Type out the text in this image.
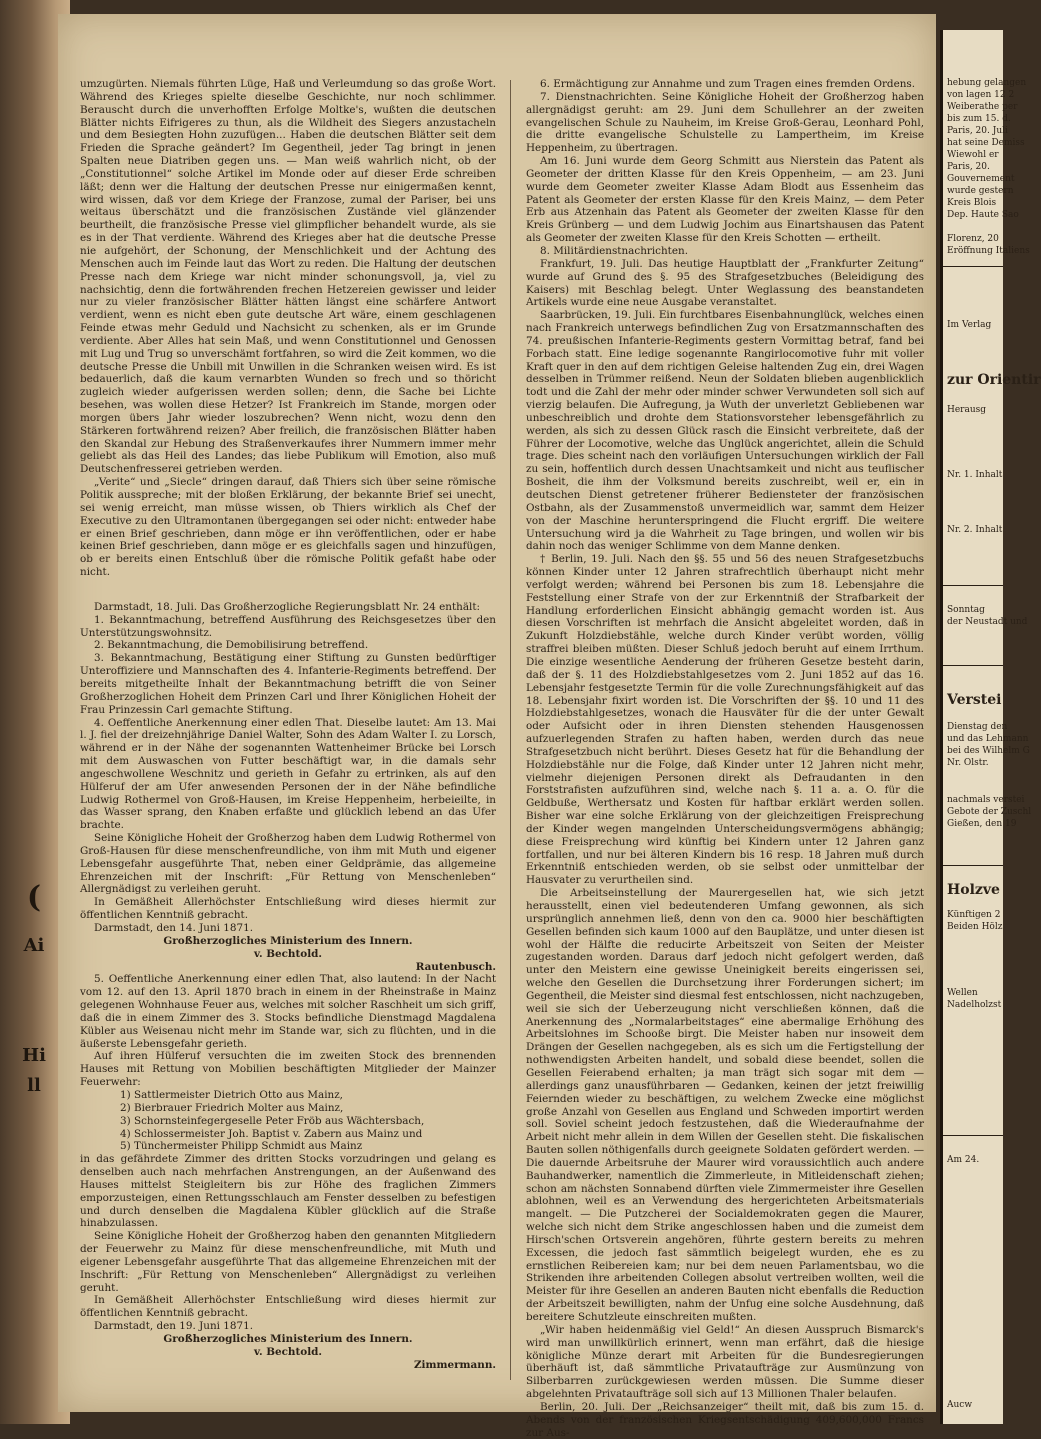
(
Ai
Hi
ll

umzugürten. Niemals führten Lüge, Haß und Verleumdung so das große Wort. Während des Krieges spielte dieselbe Geschichte, nur noch schlimmer. Berauscht durch die unverhofften Erfolge Moltke's, wußten die deutschen Blätter nichts Eifrigeres zu thun, als die Wildheit des Siegers anzustacheln und dem Besiegten Hohn zuzufügen... Haben die deutschen Blätter seit dem Frieden die Sprache geändert? Im Gegentheil, jeder Tag bringt in jenen Spalten neue Diatriben gegen uns. — Man weiß wahrlich nicht, ob der „Constitutionnel“ solche Artikel im Monde oder auf dieser Erde schreiben läßt; denn wer die Haltung der deutschen Presse nur einigermaßen kennt, wird wissen, daß vor dem Kriege der Franzose, zumal der Pariser, bei uns weitaus überschätzt und die französischen Zustände viel glänzender beurtheilt, die französische Presse viel glimpflicher behandelt wurde, als sie es in der That verdiente. Während des Krieges aber hat die deutsche Presse nie aufgehört, der Schonung, der Menschlichkeit und der Achtung des Menschen auch im Feinde laut das Wort zu reden. Die Haltung der deutschen Presse nach dem Kriege war nicht minder schonungsvoll, ja, viel zu nachsichtig, denn die fortwährenden frechen Hetzereien gewisser und leider nur zu vieler französischer Blätter hätten längst eine schärfere Antwort verdient, wenn es nicht eben gute deutsche Art wäre, einem geschlagenen Feinde etwas mehr Geduld und Nachsicht zu schenken, als er im Grunde verdiente. Aber Alles hat sein Maß, und wenn Constitutionnel und Genossen mit Lug und Trug so unverschämt fortfahren, so wird die Zeit kommen, wo die deutsche Presse die Unbill mit Unwillen in die Schranken weisen wird. Es ist bedauerlich, daß die kaum vernarbten Wunden so frech und so thöricht zugleich wieder aufgerissen werden sollen; denn, die Sache bei Lichte besehen, was wollen diese Hetzer? Ist Frankreich im Stande, morgen oder morgen übers Jahr wieder loszubrechen? Wenn nicht, wozu denn den Stärkeren fortwährend reizen? Aber freilich, die französischen Blätter haben den Skandal zur Hebung des Straßenverkaufes ihrer Nummern immer mehr geliebt als das Heil des Landes; das liebe Publikum will Emotion, also muß Deutschenfresserei getrieben werden.

„Verite“ und „Siecle“ dringen darauf, daß Thiers sich über seine römische Politik ausspreche; mit der bloßen Erklärung, der bekannte Brief sei unecht, sei wenig erreicht, man müsse wissen, ob Thiers wirklich als Chef der Executive zu den Ultramontanen übergegangen sei oder nicht: entweder habe er einen Brief geschrieben, dann möge er ihn veröffentlichen, oder er habe keinen Brief geschrieben, dann möge er es gleichfalls sagen und hinzufügen, ob er bereits einen Entschluß über die römische Politik gefaßt habe oder nicht.

Darmstadt, 18. Juli. Das Großherzogliche Regierungsblatt Nr. 24 enthält:

1. Bekanntmachung, betreffend Ausführung des Reichsgesetzes über den Unterstützungswohnsitz.

2. Bekanntmachung, die Demobilisirung betreffend.

3. Bekanntmachung, Bestätigung einer Stiftung zu Gunsten bedürftiger Unteroffiziere und Mannschaften des 4. Infanterie-Regiments betreffend. Der bereits mitgetheilte Inhalt der Bekanntmachung betrifft die von Seiner Großherzoglichen Hoheit dem Prinzen Carl und Ihrer Königlichen Hoheit der Frau Prinzessin Carl gemachte Stiftung.

4. Oeffentliche Anerkennung einer edlen That. Dieselbe lautet: Am 13. Mai l. J. fiel der dreizehnjährige Daniel Walter, Sohn des Adam Walter I. zu Lorsch, während er in der Nähe der sogenannten Wattenheimer Brücke bei Lorsch mit dem Auswaschen von Futter beschäftigt war, in die damals sehr angeschwollene Weschnitz und gerieth in Gefahr zu ertrinken, als auf den Hülferuf der am Ufer anwesenden Personen der in der Nähe befindliche Ludwig Rothermel von Groß-Hausen, im Kreise Heppenheim, herbeieilte, in das Wasser sprang, den Knaben erfaßte und glücklich lebend an das Ufer brachte.

Seine Königliche Hoheit der Großherzog haben dem Ludwig Rothermel von Groß-Hausen für diese menschenfreundliche, von ihm mit Muth und eigener Lebensgefahr ausgeführte That, neben einer Geldprämie, das allgemeine Ehrenzeichen mit der Inschrift: „Für Rettung von Menschenleben“ Allergnädigst zu verleihen geruht.

In Gemäßheit Allerhöchster Entschließung wird dieses hiermit zur öffentlichen Kenntniß gebracht.

Darmstadt, den 14. Juni 1871.

Großherzogliches Ministerium des Innern.

v. Bechtold.

Rautenbusch.

5. Oeffentliche Anerkennung einer edlen That, also lautend: In der Nacht vom 12. auf den 13. April 1870 brach in einem in der Rheinstraße in Mainz gelegenen Wohnhause Feuer aus, welches mit solcher Raschheit um sich griff, daß die in einem Zimmer des 3. Stocks befindliche Dienstmagd Magdalena Kübler aus Weisenau nicht mehr im Stande war, sich zu flüchten, und in die äußerste Lebensgefahr gerieth.

Auf ihren Hülferuf versuchten die im zweiten Stock des brennenden Hauses mit Rettung von Mobilien beschäftigten Mitglieder der Mainzer Feuerwehr:

1) Sattlermeister Dietrich Otto aus Mainz,

2) Bierbrauer Friedrich Molter aus Mainz,

3) Schornsteinfegergeselle Peter Fröb aus Wächtersbach,

4) Schlossermeister Joh. Baptist v. Zabern aus Mainz und

5) Tünchermeister Philipp Schmidt aus Mainz

in das gefährdete Zimmer des dritten Stocks vorzudringen und gelang es denselben auch nach mehrfachen Anstrengungen, an der Außenwand des Hauses mittelst Steigleitern bis zur Höhe des fraglichen Zimmers emporzusteigen, einen Rettungsschlauch am Fenster desselben zu befestigen und durch denselben die Magdalena Kübler glücklich auf die Straße hinabzulassen.

Seine Königliche Hoheit der Großherzog haben den genannten Mitgliedern der Feuerwehr zu Mainz für diese menschenfreundliche, mit Muth und eigener Lebensgefahr ausgeführte That das allgemeine Ehrenzeichen mit der Inschrift: „Für Rettung von Menschenleben“ Allergnädigst zu verleihen geruht.

In Gemäßheit Allerhöchster Entschließung wird dieses hiermit zur öffentlichen Kenntniß gebracht.

Darmstadt, den 19. Juni 1871.

Großherzogliches Ministerium des Innern.

v. Bechtold.

Zimmermann.

6. Ermächtigung zur Annahme und zum Tragen eines fremden Ordens.

7. Dienstnachrichten. Seine Königliche Hoheit der Großherzog haben allergnädigst geruht: am 29. Juni dem Schullehrer an der zweiten evangelischen Schule zu Nauheim, im Kreise Groß-Gerau, Leonhard Pohl, die dritte evangelische Schulstelle zu Lampertheim, im Kreise Heppenheim, zu übertragen.

Am 16. Juni wurde dem Georg Schmitt aus Nierstein das Patent als Geometer der dritten Klasse für den Kreis Oppenheim, — am 23. Juni wurde dem Geometer zweiter Klasse Adam Blodt aus Essenheim das Patent als Geometer der ersten Klasse für den Kreis Mainz, — dem Peter Erb aus Atzenhain das Patent als Geometer der zweiten Klasse für den Kreis Grünberg — und dem Ludwig Jochim aus Einartshausen das Patent als Geometer der zweiten Klasse für den Kreis Schotten — ertheilt.

8. Militärdienstnachrichten.

Frankfurt, 19. Juli. Das heutige Hauptblatt der „Frankfurter Zeitung“ wurde auf Grund des §. 95 des Strafgesetzbuches (Beleidigung des Kaisers) mit Beschlag belegt. Unter Weglassung des beanstandeten Artikels wurde eine neue Ausgabe veranstaltet.

Saarbrücken, 19. Juli. Ein furchtbares Eisenbahnunglück, welches einen nach Frankreich unterwegs befindlichen Zug von Ersatzmannschaften des 74. preußischen Infanterie-Regiments gestern Vormittag betraf, fand bei Forbach statt. Eine ledige sogenannte Rangirlocomotive fuhr mit voller Kraft quer in den auf dem richtigen Geleise haltenden Zug ein, drei Wagen desselben in Trümmer reißend. Neun der Soldaten blieben augenblicklich todt und die Zahl der mehr oder minder schwer Verwundeten soll sich auf vierzig belaufen. Die Aufregung, ja Wuth der unverletzt Gebliebenen war unbeschreiblich und drohte dem Stationsvorsteher lebensgefährlich zu werden, als sich zu dessen Glück rasch die Einsicht verbreitete, daß der Führer der Locomotive, welche das Unglück angerichtet, allein die Schuld trage. Dies scheint nach den vorläufigen Untersuchungen wirklich der Fall zu sein, hoffentlich durch dessen Unachtsamkeit und nicht aus teuflischer Bosheit, die ihm der Volksmund bereits zuschreibt, weil er, ein in deutschen Dienst getretener früherer Bediensteter der französischen Ostbahn, als der Zusammenstoß unvermeidlich war, sammt dem Heizer von der Maschine herunterspringend die Flucht ergriff. Die weitere Untersuchung wird ja die Wahrheit zu Tage bringen, und wollen wir bis dahin noch das weniger Schlimme von dem Manne denken.

† Berlin, 19. Juli. Nach den §§. 55 und 56 des neuen Strafgesetzbuchs können Kinder unter 12 Jahren strafrechtlich überhaupt nicht mehr verfolgt werden; während bei Personen bis zum 18. Lebensjahre die Feststellung einer Strafe von der zur Erkenntniß der Strafbarkeit der Handlung erforderlichen Einsicht abhängig gemacht worden ist. Aus diesen Vorschriften ist mehrfach die Ansicht abgeleitet worden, daß in Zukunft Holzdiebstähle, welche durch Kinder verübt worden, völlig straffrei bleiben müßten. Dieser Schluß jedoch beruht auf einem Irrthum. Die einzige wesentliche Aenderung der früheren Gesetze besteht darin, daß der §. 11 des Holzdiebstahlgesetzes vom 2. Juni 1852 auf das 16. Lebensjahr festgesetzte Termin für die volle Zurechnungsfähigkeit auf das 18. Lebensjahr fixirt worden ist. Die Vorschriften der §§. 10 und 11 des Holzdiebstahlgesetzes, wonach die Hausväter für die der unter Gewalt oder Aufsicht oder in ihren Diensten stehenden Hausgenossen aufzuerlegenden Strafen zu haften haben, werden durch das neue Strafgesetzbuch nicht berührt. Dieses Gesetz hat für die Behandlung der Holzdiebstähle nur die Folge, daß Kinder unter 12 Jahren nicht mehr, vielmehr diejenigen Personen direkt als Defraudanten in den Forststrafisten aufzuführen sind, welche nach §. 11 a. a. O. für die Geldbuße, Werthersatz und Kosten für haftbar erklärt werden sollen. Bisher war eine solche Erklärung von der gleichzeitigen Freisprechung der Kinder wegen mangelnden Unterscheidungsvermögens abhängig; diese Freisprechung wird künftig bei Kindern unter 12 Jahren ganz fortfallen, und nur bei älteren Kindern bis 16 resp. 18 Jahren muß durch Erkenntniß entschieden werden, ob sie selbst oder unmittelbar der Hausvater zu verurtheilen sind.

Die Arbeitseinstellung der Maurergesellen hat, wie sich jetzt herausstellt, einen viel bedeutenderen Umfang gewonnen, als sich ursprünglich annehmen ließ, denn von den ca. 9000 hier beschäftigten Gesellen befinden sich kaum 1000 auf den Bauplätze, und unter diesen ist wohl der Hälfte die reducirte Arbeitszeit von Seiten der Meister zugestanden worden. Daraus darf jedoch nicht gefolgert werden, daß unter den Meistern eine gewisse Uneinigkeit bereits eingerissen sei, welche den Gesellen die Durchsetzung ihrer Forderungen sichert; im Gegentheil, die Meister sind diesmal fest entschlossen, nicht nachzugeben, weil sie sich der Ueberzeugung nicht verschließen können, daß die Anerkennung des „Normalarbeitstages“ eine abermalige Erhöhung des Arbeitslohnes im Schooße birgt. Die Meister haben nur insoweit dem Drängen der Gesellen nachgegeben, als es sich um die Fertigstellung der nothwendigsten Arbeiten handelt, und sobald diese beendet, sollen die Gesellen Feierabend erhalten; ja man trägt sich sogar mit dem — allerdings ganz unausführbaren — Gedanken, keinen der jetzt freiwillig Feiernden wieder zu beschäftigen, zu welchem Zwecke eine möglichst große Anzahl von Gesellen aus England und Schweden importirt werden soll. Soviel scheint jedoch festzustehen, daß die Wiederaufnahme der Arbeit nicht mehr allein in dem Willen der Gesellen steht. Die fiskalischen Bauten sollen nöthigenfalls durch geeignete Soldaten gefördert werden. — Die dauernde Arbeitsruhe der Maurer wird voraussichtlich auch andere Bauhandwerker, namentlich die Zimmerleute, in Mitleidenschaft ziehen; schon am nächsten Sonnabend dürften viele Zimmermeister ihre Gesellen ablohnen, weil es an Verwendung des hergerichteten Arbeitsmaterials mangelt. — Die Putzcherei der Socialdemokraten gegen die Maurer, welche sich nicht dem Strike angeschlossen haben und die zumeist dem Hirsch'schen Ortsverein angehören, führte gestern bereits zu mehren Excessen, die jedoch fast sämmtlich beigelegt wurden, ehe es zu ernstlichen Reibereien kam; nur bei dem neuen Parlamentsbau, wo die Strikenden ihre arbeitenden Collegen absolut vertreiben wollten, weil die Meister für ihre Gesellen an anderen Bauten nicht ebenfalls die Reduction der Arbeitszeit bewilligten, nahm der Unfug eine solche Ausdehnung, daß bereitere Schutzleute einschreiten mußten.

„Wir haben heidenmäßig viel Geld!“ An diesen Ausspruch Bismarck's wird man unwillkürlich erinnert, wenn man erfährt, daß die hiesige königliche Münze derart mit Arbeiten für die Bundesregierungen überhäuft ist, daß sämmtliche Privataufträge zur Ausmünzung von Silberbarren zurückgewiesen werden müssen. Die Summe dieser abgelehnten Privataufträge soll sich auf 13 Millionen Thaler belaufen.

Berlin, 20. Juli. Der „Reichsanzeiger“ theilt mit, daß bis zum 15. d. Abends von der französischen Kriegsentschädigung 409,600,000 Francs zur Aus-

hebung gelangen
von lagen 12 2
Weiberathe per
bis zum 15. d.
Paris, 20. Juli
hat seine Demiss
Wiewohl er
Paris, 20.
Gouvernement
wurde gestern
Kreis Blois
Dep. Haute Sao
Florenz, 20
Eröffnung Italiens
Im Verlag
zur Orientir
Herausg
Nr. 1. Inhalt
Nr. 2. Inhalt
Sonntag
der Neustadt und
Verstei
Dienstag den
und das Lehmann
bei des Wilhelm G
Nr. Olstr.
nachmals verstei
Gebote der Zuschl
Gießen, den 19
Holzve
Künftigen 2
Beiden Hölz
Wellen
Nadelholzst
Am 24.
Aucw
